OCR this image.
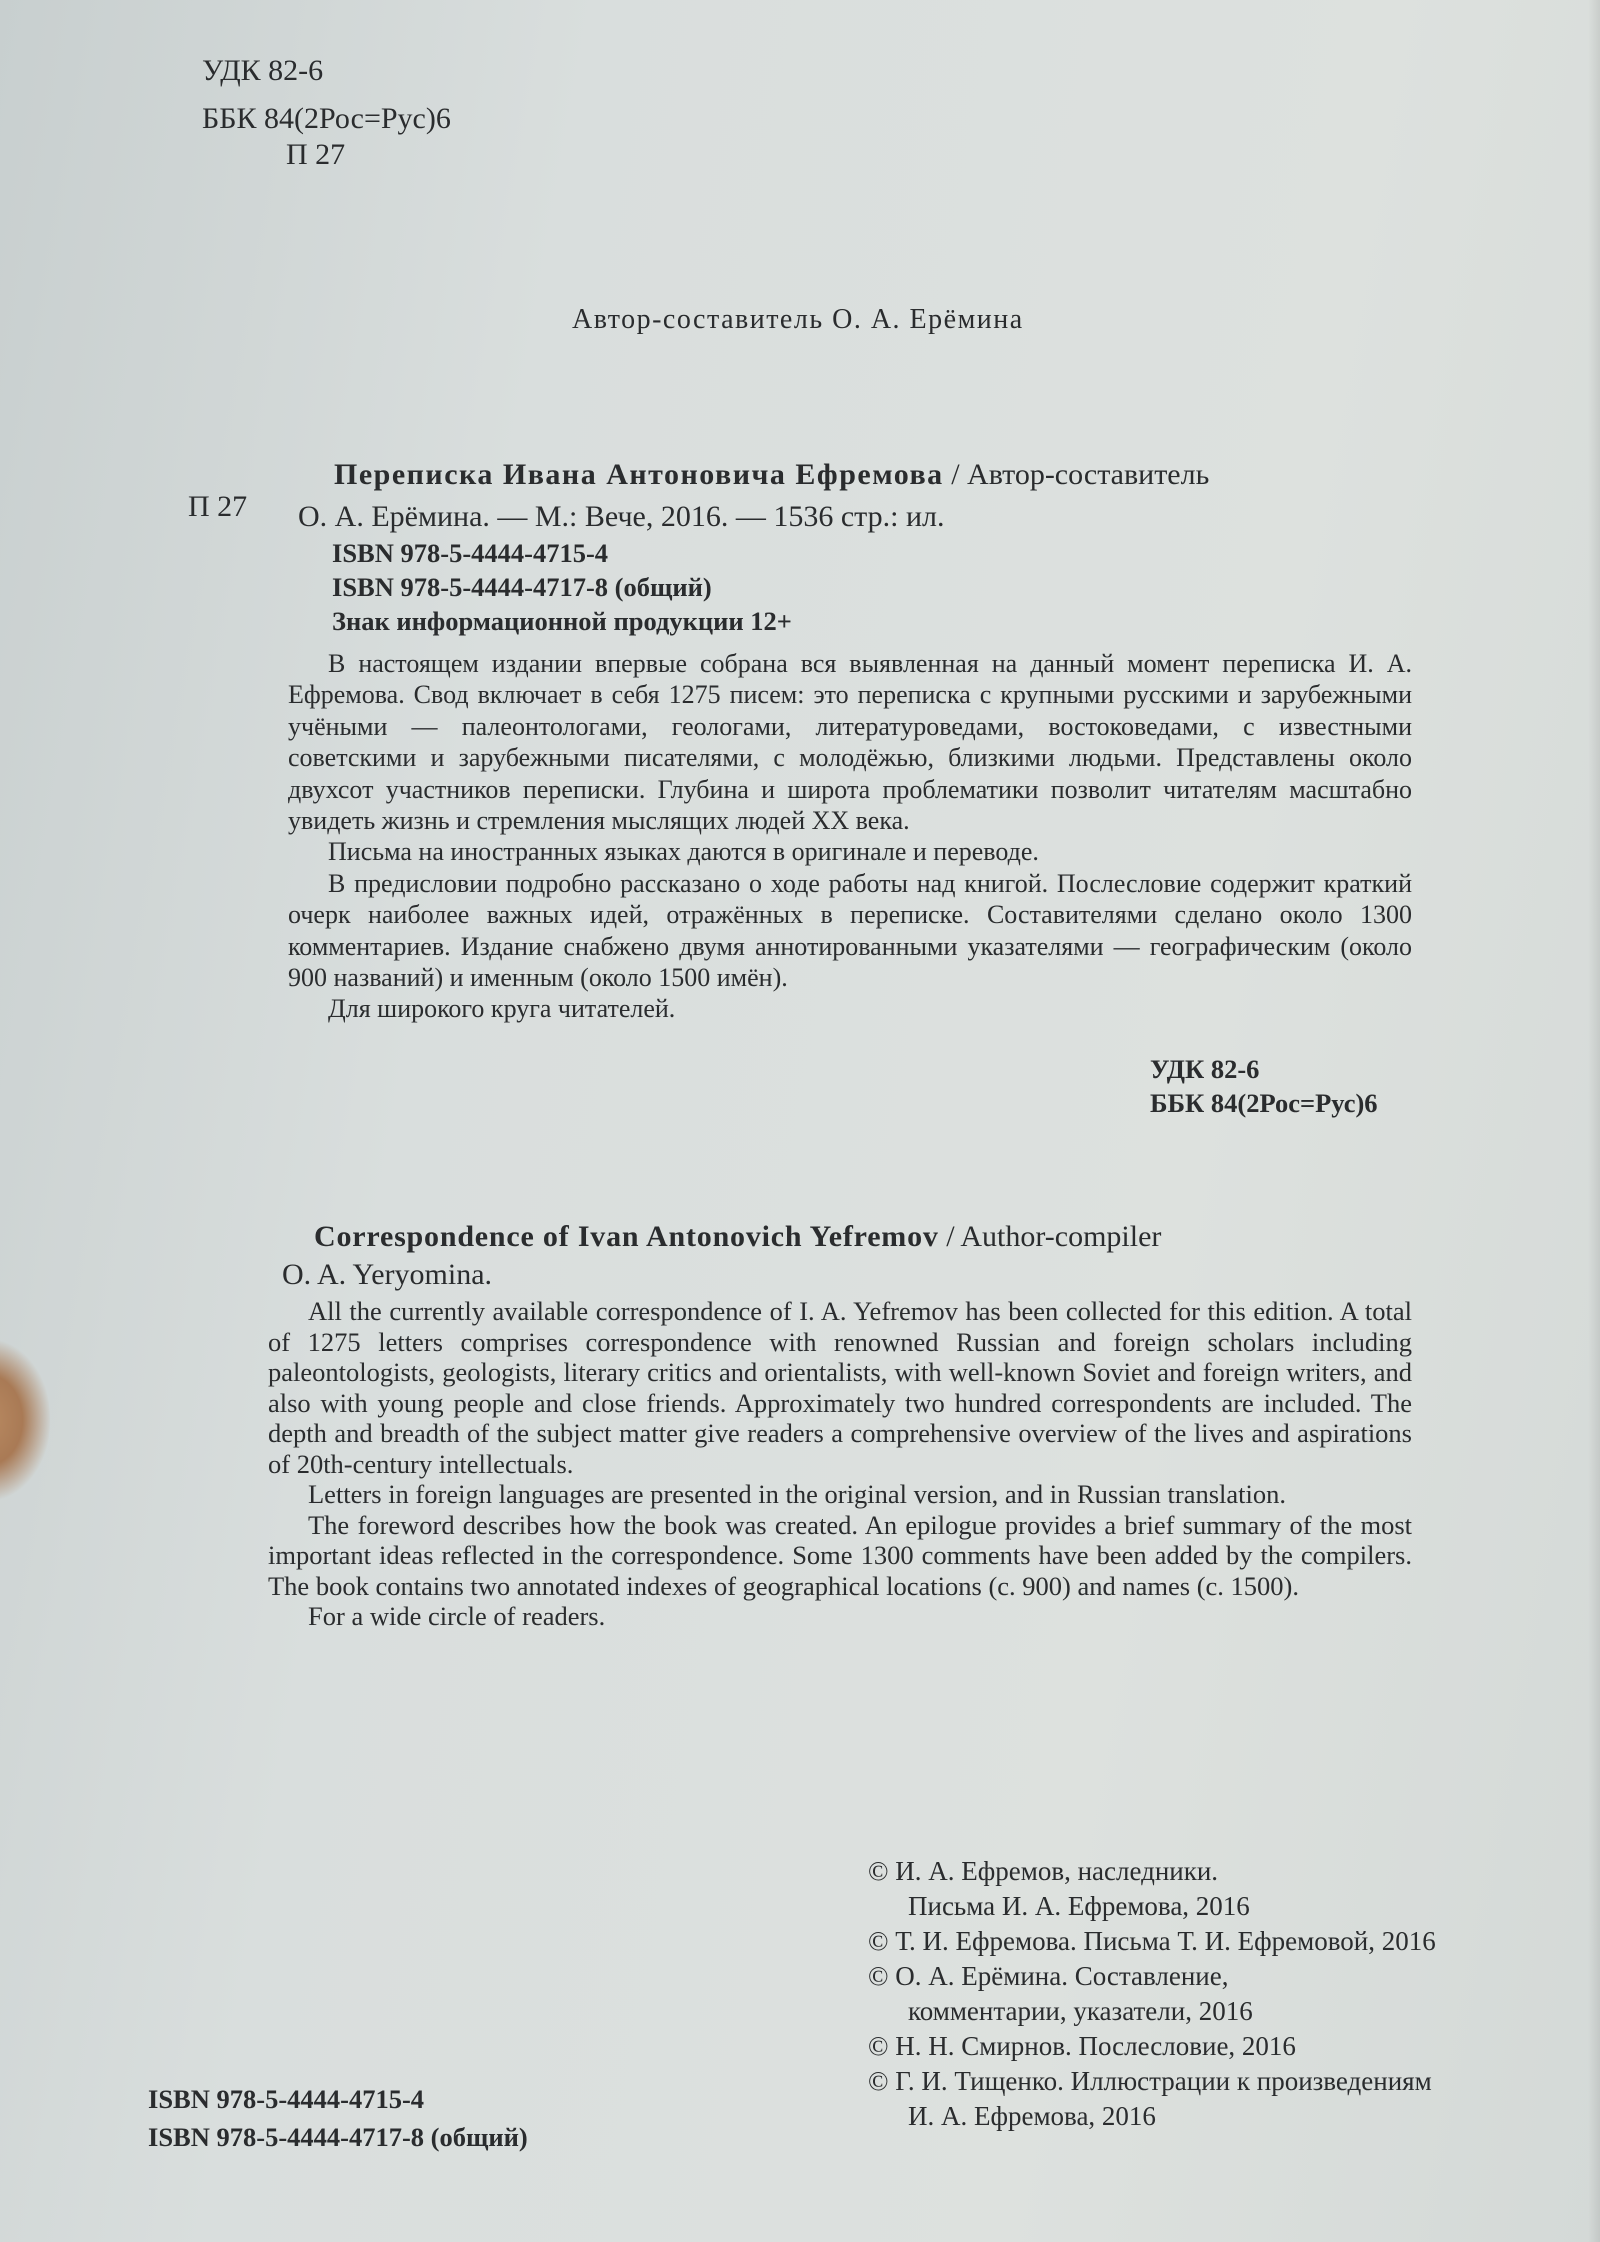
УДК 82-6
ББК 84(2Рос=Рус)6
П 27
Автор-составитель О. А. Ерёмина
Переписка Ивана Антоновича Ефремова / Автор-составитель
П 27 О. А. Ерёмина. — М.: Вече, 2016. — 1536 стр.: ил.
ISBN 978-5-4444-4715-4
ISBN 978-5-4444-4717-8 (общий)
Знак информационной продукции 12+

В настоящем издании впервые собрана вся выявленная на данный момент переписка И. А. Ефремова. Свод включает в себя 1275 писем: это переписка с крупными русскими и зарубежными учёными — палеонтологами, геологами, литературоведами, востоковедами, с известными советскими и зарубежными писателями, с молодёжью, близкими людьми. Представлены около двухсот участников переписки. Глубина и широта проблематики позволит читателям масштабно увидеть жизнь и стремления мыслящих людей XX века.

Письма на иностранных языках даются в оригинале и переводе.

В предисловии подробно рассказано о ходе работы над книгой. Послесловие содержит краткий очерк наиболее важных идей, отражённых в переписке. Составителями сделано около 1300 комментариев. Издание снабжено двумя аннотированными указателями — географическим (около 900 названий) и именным (около 1500 имён).

Для широкого круга читателей.

УДК 82-6
ББК 84(2Рос=Рус)6
Correspondence of Ivan Antonovich Yefremov / Author-compiler
O. A. Yeryomina.

All the currently available correspondence of I. A. Yefremov has been collected for this edition. A total of 1275 letters comprises correspondence with renowned Russian and foreign scholars including paleontologists, geologists, literary critics and orientalists, with well-known Soviet and foreign writers, and also with young people and close friends. Approximately two hundred correspondents are included. The depth and breadth of the subject matter give readers a comprehensive overview of the lives and aspirations of 20th-century intellectuals.

Letters in foreign languages are presented in the original version, and in Russian translation.

The foreword describes how the book was created. An epilogue provides a brief summary of the most important ideas reflected in the correspondence. Some 1300 comments have been added by the compilers. The book contains two annotated indexes of geographical locations (c. 900) and names (c. 1500).

For a wide circle of readers.

ISBN 978-5-4444-4715-4
ISBN 978-5-4444-4717-8 (общий)
© И. А. Ефремов, наследники.
Письма И. А. Ефремова, 2016
© Т. И. Ефремова. Письма Т. И. Ефремовой, 2016
© О. А. Ерёмина. Составление,
комментарии, указатели, 2016
© Н. Н. Смирнов. Послесловие, 2016
© Г. И. Тищенко. Иллюстрации к произведениям
И. А. Ефремова, 2016
